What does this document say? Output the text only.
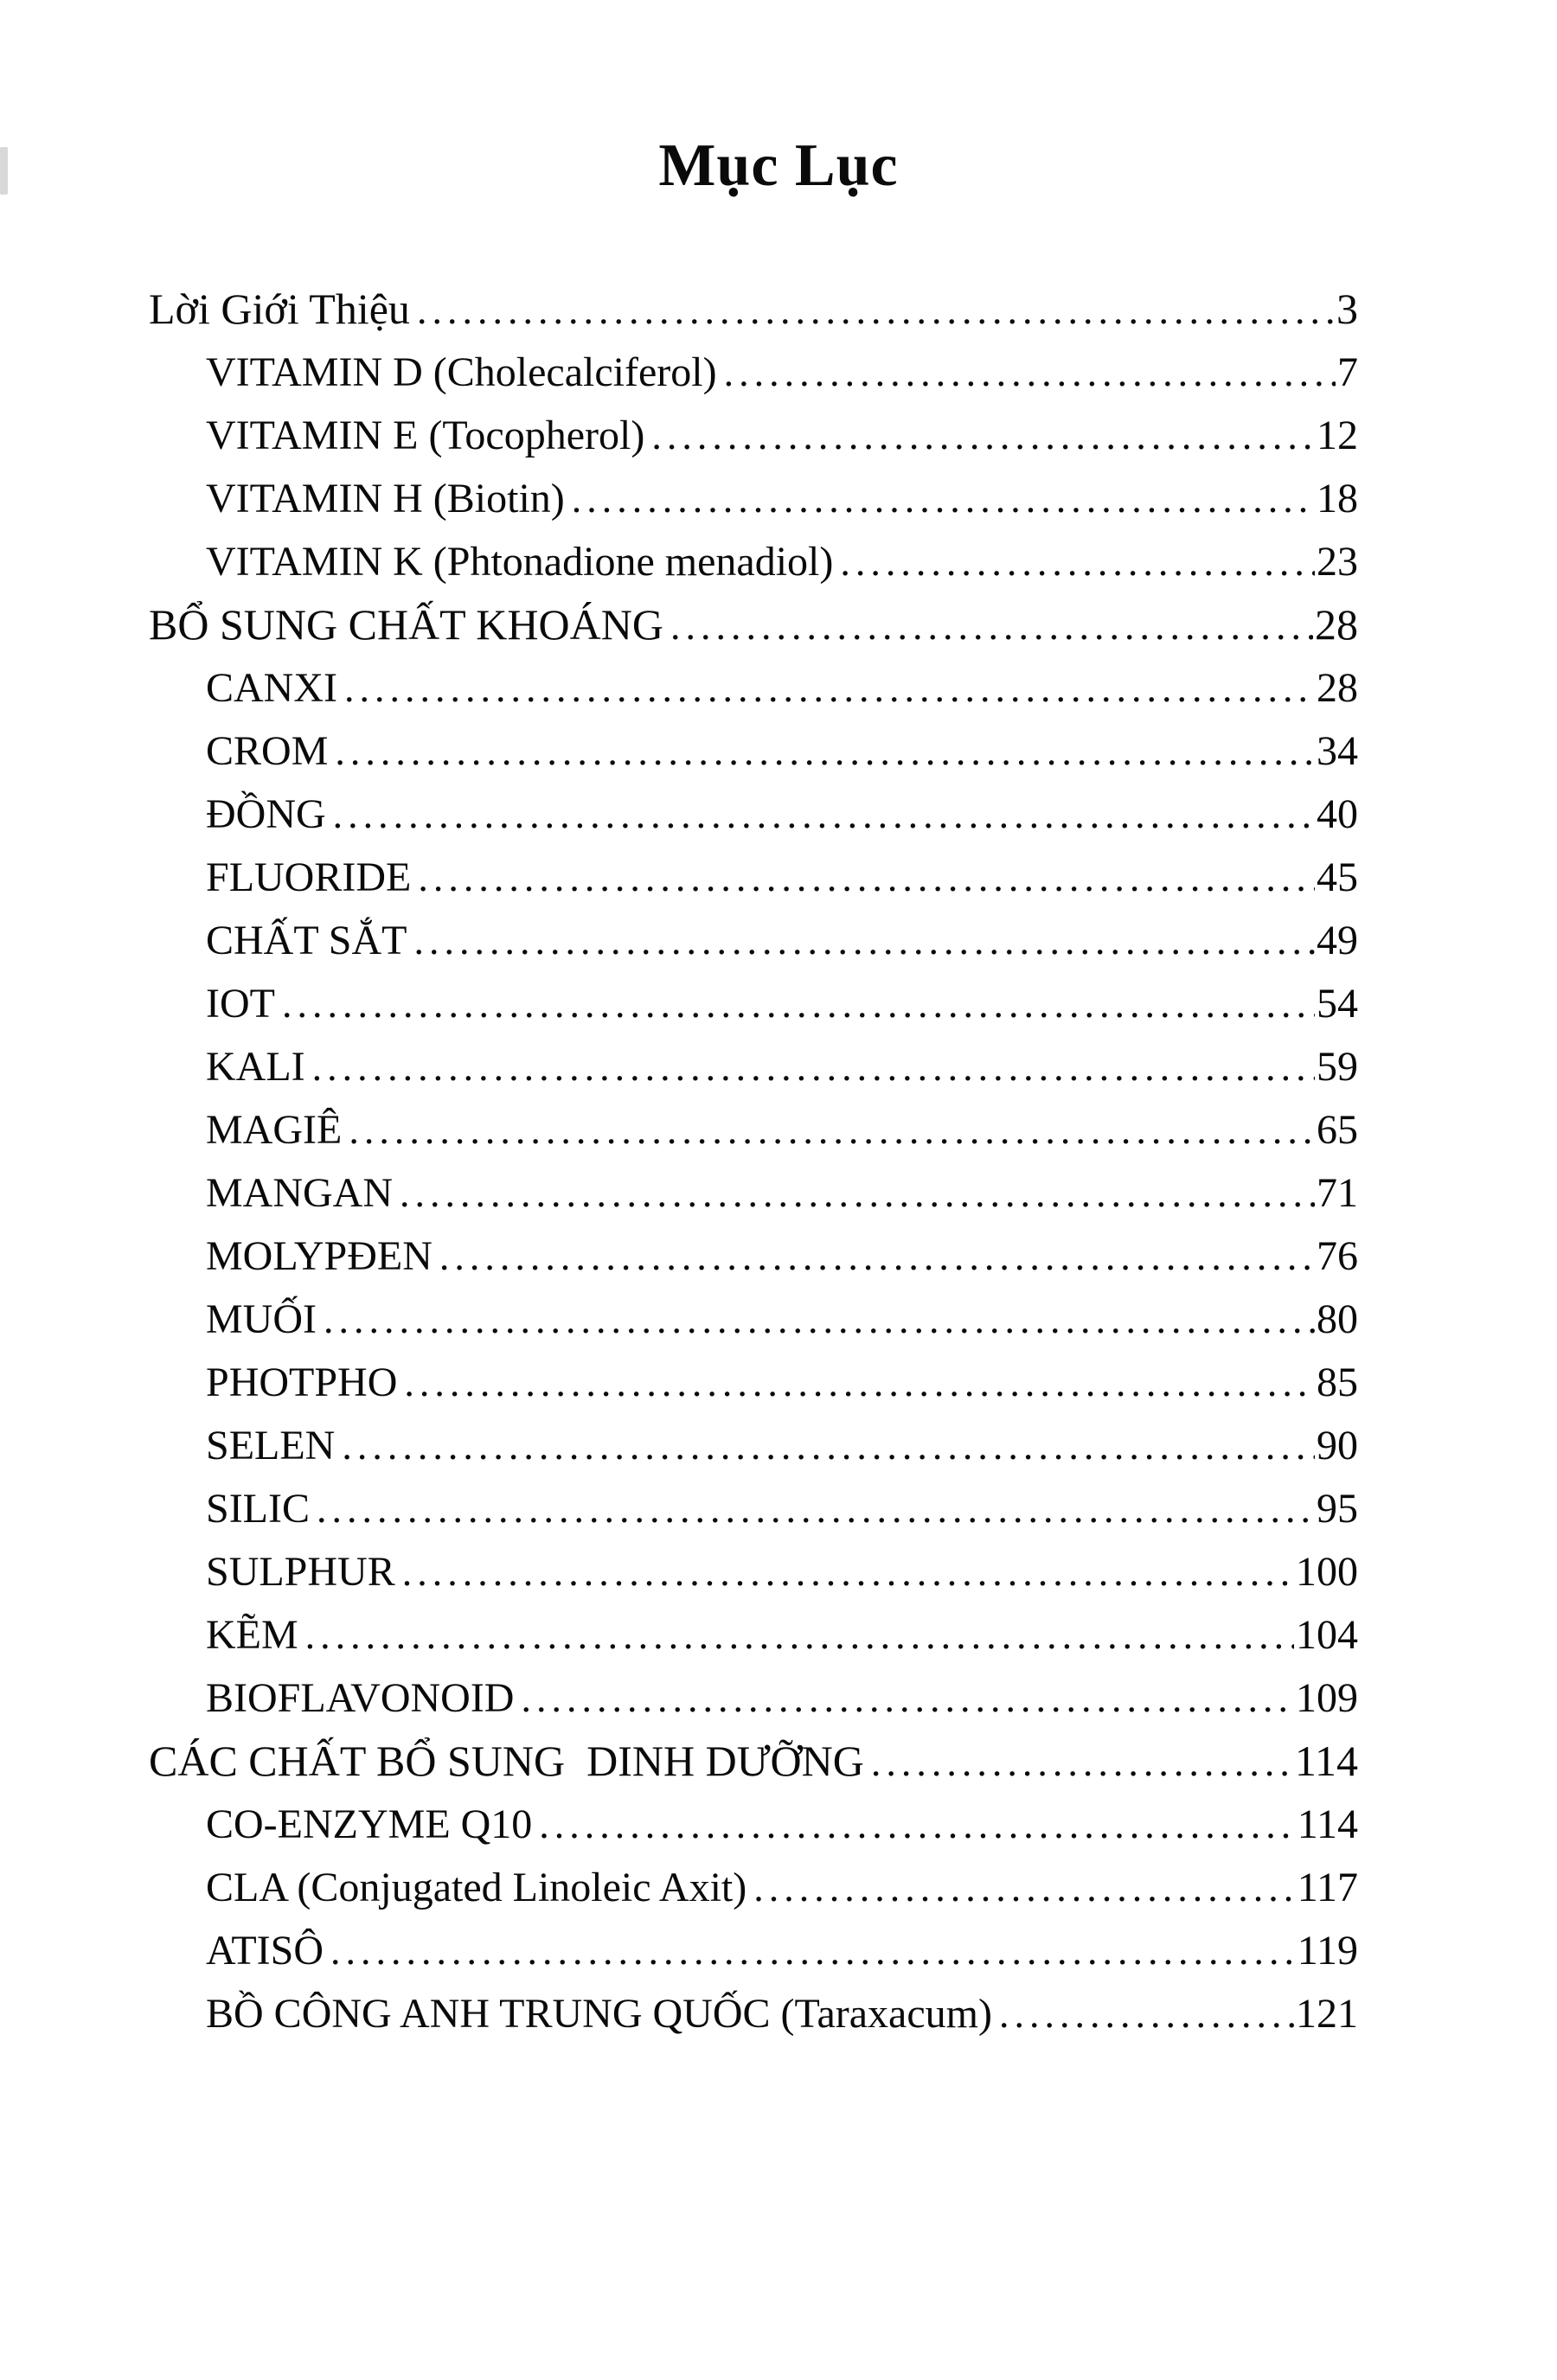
Mục Lục
Lời Giới Thiệu .....	3
VITAMIN D (Cholecalciferol) .....	7
VITAMIN E (Tocopherol) .....	12
VITAMIN H (Biotin) .....	18
VITAMIN K (Phtonadione menadiol) .....	23
BỔ SUNG CHẤT KHOÁNG .....	28
CANXI .....	28
CROM .....	34
ĐỒNG .....	40
FLUORIDE .....	45
CHẤT SẮT .....	49
IOT .....	54
KALI .....	59
MAGIÊ .....	65
MANGAN .....	71
MOLYPĐEN .....	76
MUỐI .....	80
PHOTPHO .....	85
SELEN .....	90
SILIC .....	95
SULPHUR .....	100
KẼM .....	104
BIOFLAVONOID .....	109
CÁC CHẤT BỔ SUNG  DINH DƯỠNG .....	114
CO-ENZYME Q10 .....	114
CLA (Conjugated Linoleic Axit) .....	117
ATISÔ .....	119
BỒ CÔNG ANH TRUNG QUỐC (Taraxacum) .....	121
